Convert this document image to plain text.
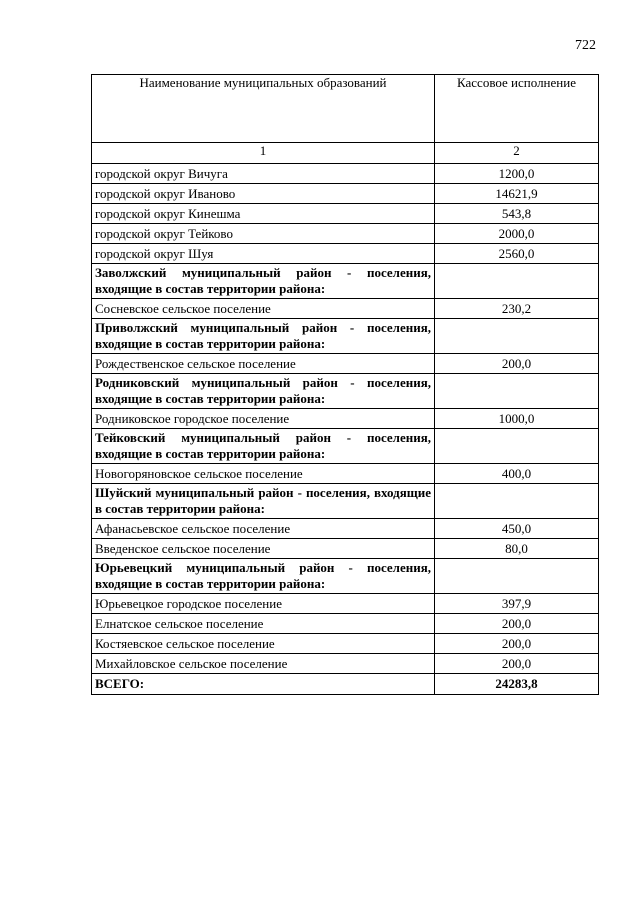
722
Наименование муниципальных образований	Кассовое исполнение
1	2
городской округ Вичуга	1200,0
городской округ Иваново	14621,9
городской округ Кинешма	543,8
городской округ Тейково	2000,0
городской округ Шуя	2560,0
Заволжский муниципальный район - поселения, входящие в состав территории района:	
Сосневское сельское поселение	230,2
Приволжский муниципальный район - поселения, входящие в состав территории района:	
Рождественское сельское поселение	200,0
Родниковский муниципальный район - поселения, входящие в состав территории района:	
Родниковское городское поселение	1000,0
Тейковский муниципальный район - поселения, входящие в состав территории района:	
Новогоряновское сельское поселение	400,0
Шуйский муниципальный район - поселения, входящие в состав территории района:	
Афанасьевское сельское поселение	450,0
Введенское сельское поселение	80,0
Юрьевецкий муниципальный район - поселения, входящие в состав территории района:	
Юрьевецкое городское поселение	397,9
Елнатское сельское поселение	200,0
Костяевское сельское поселение	200,0
Михайловское сельское поселение	200,0
ВСЕГО:	24283,8
